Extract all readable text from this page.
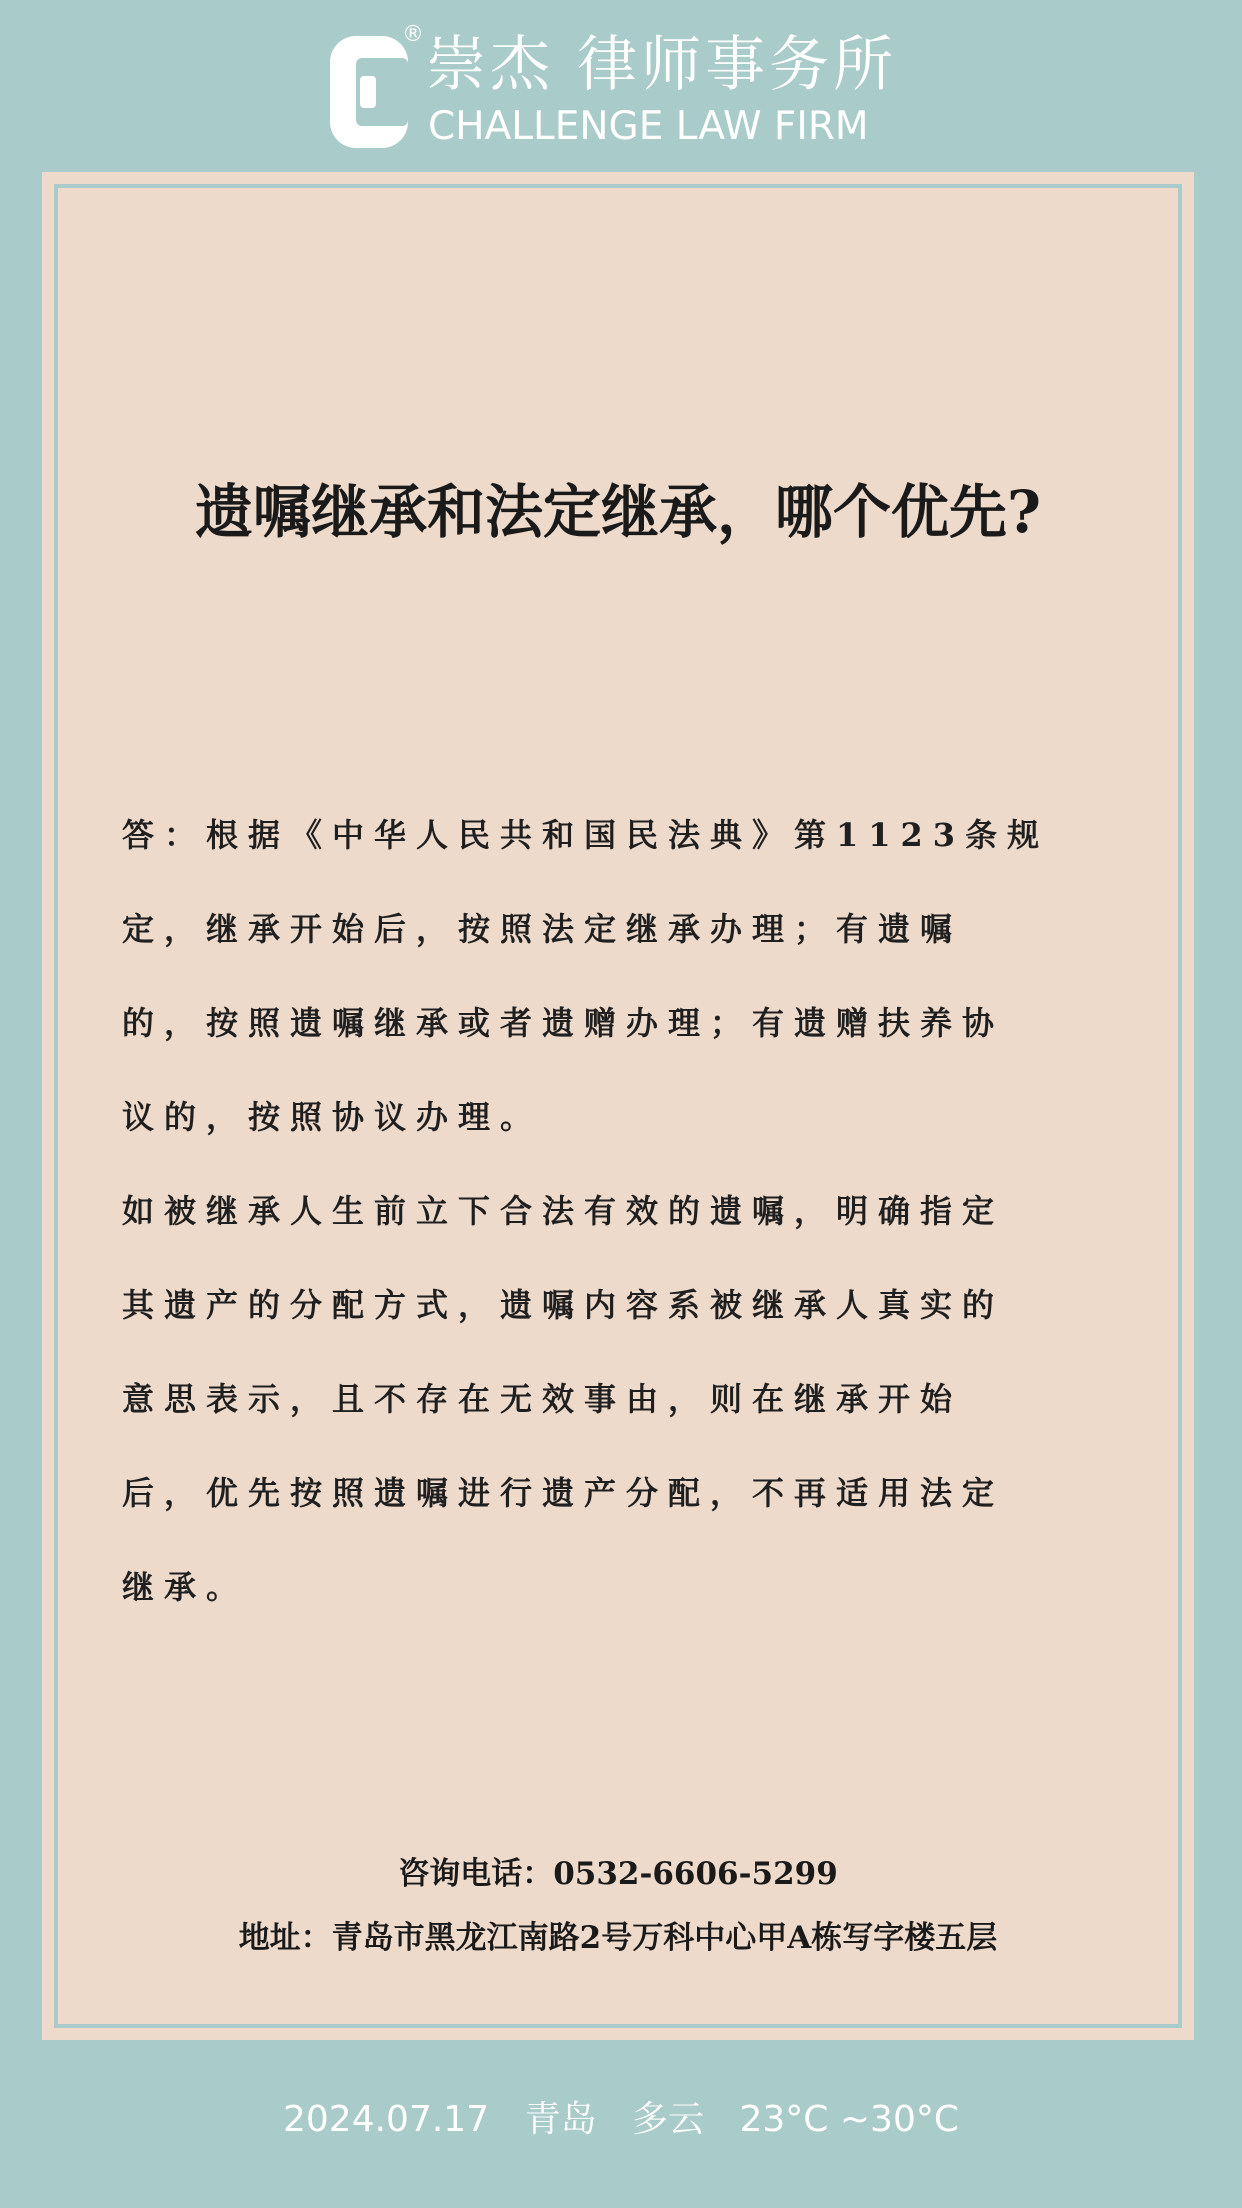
® 崇杰 律师事务所
CHALLENGE LAW FIRM
遗嘱继承和法定继承，哪个优先?
答：根据《中华人民共和国民法典》第1123条规
定，继承开始后，按照法定继承办理；有遗嘱
的，按照遗嘱继承或者遗赠办理；有遗赠扶养协
议的，按照协议办理。
如被继承人生前立下合法有效的遗嘱，明确指定
其遗产的分配方式，遗嘱内容系被继承人真实的
意思表示，且不存在无效事由，则在继承开始
后，优先按照遗嘱进行遗产分配，不再适用法定
继承。
咨询电话：0532-6606-5299
地址：青岛市黑龙江南路2号万科中心甲A栋写字楼五层
2024.07.17 青岛 多云 23°C ~30°C
